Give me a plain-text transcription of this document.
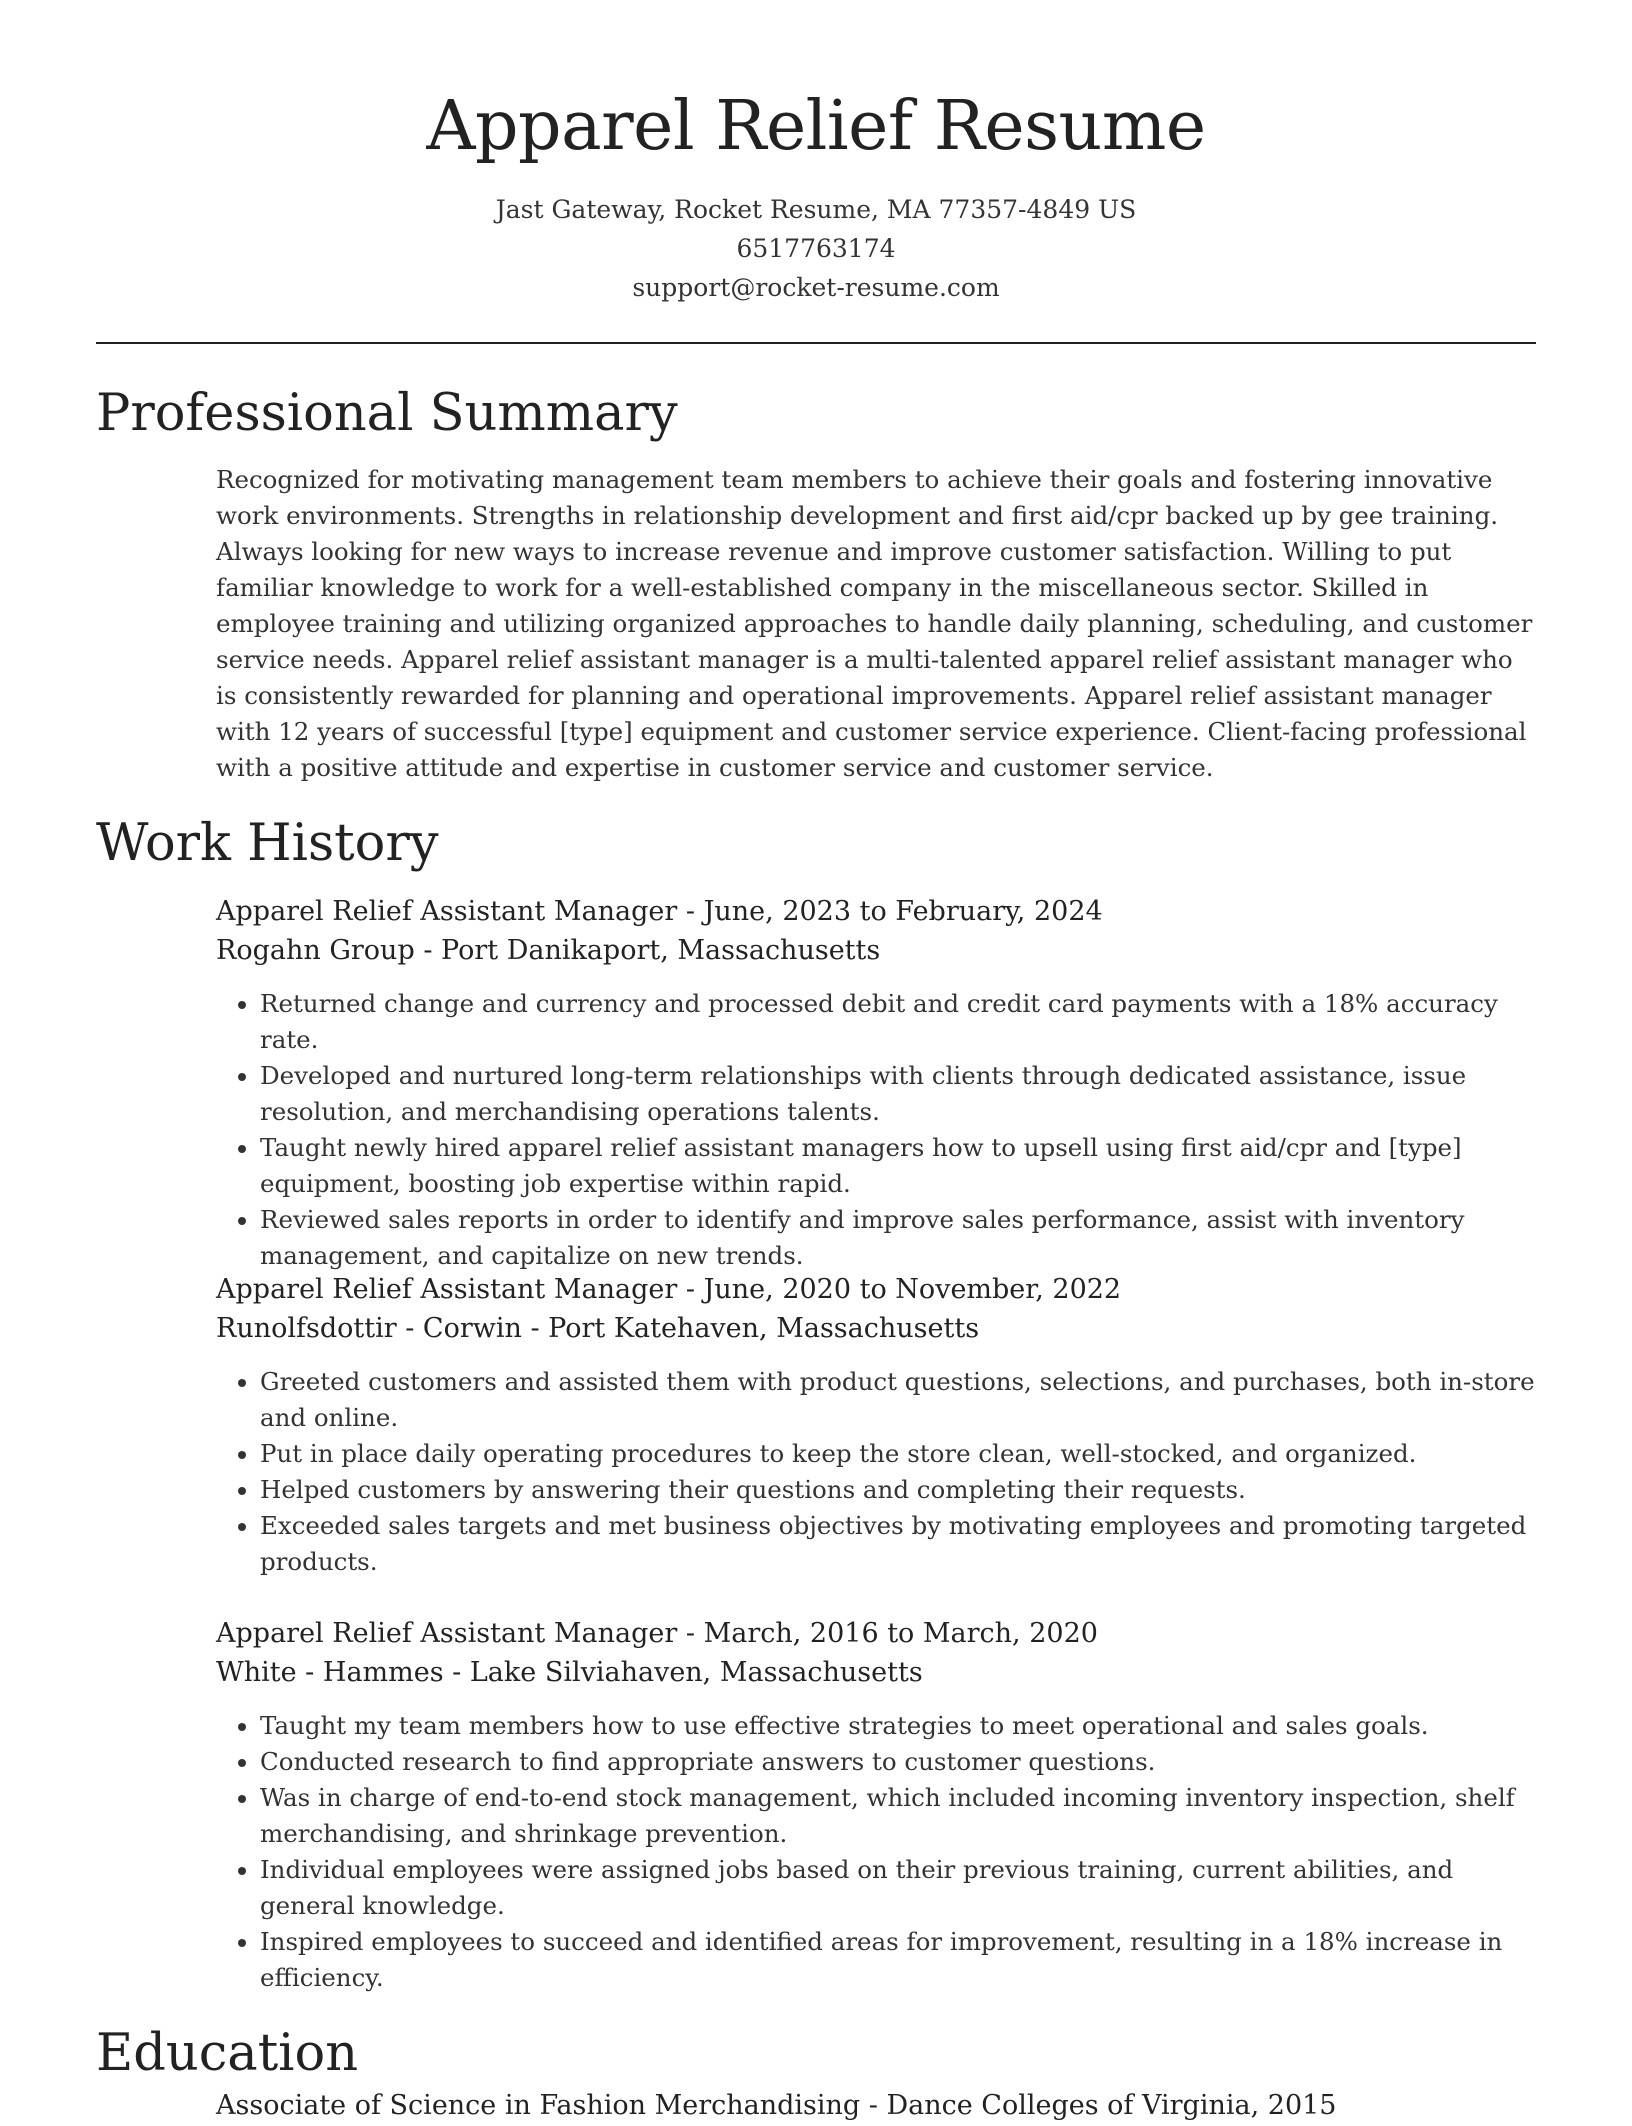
Apparel Relief Resume
Jast Gateway, Rocket Resume, MA 77357-4849 US
6517763174
support@rocket-resume.com
Professional Summary
Recognized for motivating management team members to achieve their goals and fostering innovative work environments. Strengths in relationship development and first aid/cpr backed up by gee training. Always looking for new ways to increase revenue and improve customer satisfaction. Willing to put familiar knowledge to work for a well-established company in the miscellaneous sector. Skilled in employee training and utilizing organized approaches to handle daily planning, scheduling, and customer service needs. Apparel relief assistant manager is a multi-talented apparel relief assistant manager who is consistently rewarded for planning and operational improvements. Apparel relief assistant manager with 12 years of successful [type] equipment and customer service experience. Client-facing professional with a positive attitude and expertise in customer service and customer service.
Work History
Apparel Relief Assistant Manager - June, 2023 to February, 2024
Rogahn Group - Port Danikaport, Massachusetts
• Returned change and currency and processed debit and credit card payments with a 18% accuracy rate.
• Developed and nurtured long-term relationships with clients through dedicated assistance, issue resolution, and merchandising operations talents.
• Taught newly hired apparel relief assistant managers how to upsell using first aid/cpr and [type] equipment, boosting job expertise within rapid.
• Reviewed sales reports in order to identify and improve sales performance, assist with inventory management, and capitalize on new trends.
Apparel Relief Assistant Manager - June, 2020 to November, 2022
Runolfsdottir - Corwin - Port Katehaven, Massachusetts
• Greeted customers and assisted them with product questions, selections, and purchases, both in-store and online.
• Put in place daily operating procedures to keep the store clean, well-stocked, and organized.
• Helped customers by answering their questions and completing their requests.
• Exceeded sales targets and met business objectives by motivating employees and promoting targeted products.
Apparel Relief Assistant Manager - March, 2016 to March, 2020
White - Hammes - Lake Silviahaven, Massachusetts
• Taught my team members how to use effective strategies to meet operational and sales goals.
• Conducted research to find appropriate answers to customer questions.
• Was in charge of end-to-end stock management, which included incoming inventory inspection, shelf merchandising, and shrinkage prevention.
• Individual employees were assigned jobs based on their previous training, current abilities, and general knowledge.
• Inspired employees to succeed and identified areas for improvement, resulting in a 18% increase in efficiency.
Education
Associate of Science in Fashion Merchandising - Dance Colleges of Virginia, 2015
